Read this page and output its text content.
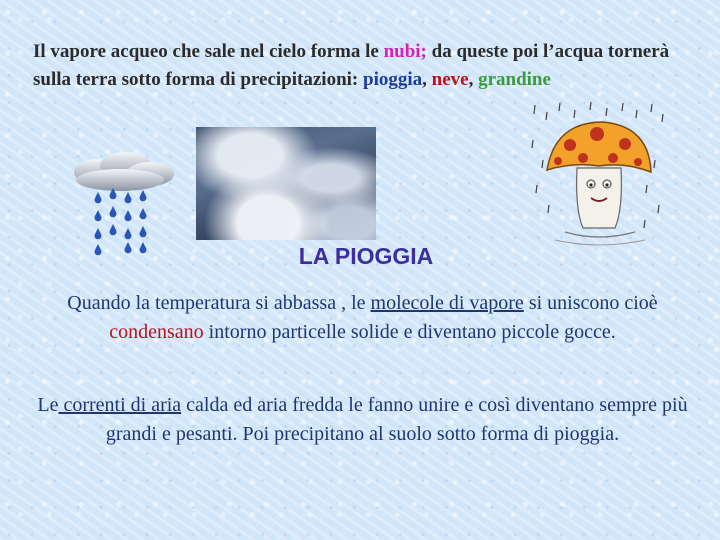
Il vapore acqueo che sale nel cielo forma le nubi; da queste poi l’acqua tornerà sulla terra sotto forma di precipitazioni: pioggia, neve, grandine

LA PIOGGIA

Quando la temperatura si abbassa , le molecole di vapore si uniscono cioè condensano intorno particelle solide e diventano piccole gocce.

Le correnti di aria calda ed aria fredda le fanno unire e così diventano sempre più grandi e pesanti. Poi precipitano al suolo sotto forma di pioggia.
